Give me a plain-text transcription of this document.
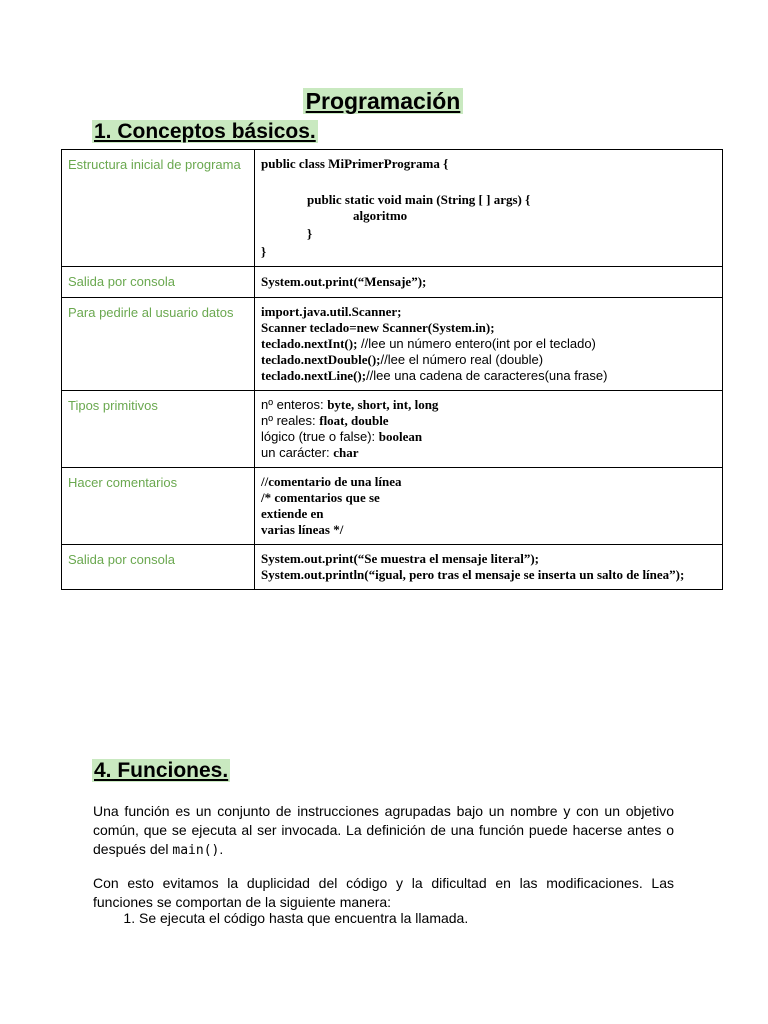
Programación
1. Conceptos básicos.
Estructura inicial de programa	public class MiPrimerPrograma {
public static void main (String [ ] args) {
algoritmo
}
}

Salida por consola	System.out.print(“Mensaje”);

Para pedirle al usuario datos	import.java.util.Scanner;
Scanner teclado=new Scanner(System.in);
teclado.nextInt(); //lee un número entero(int por el teclado)
teclado.nextDouble();//lee el número real (double)
teclado.nextLine();//lee una cadena de caracteres(una frase)

Tipos primitivos	nº enteros: byte, short, int, long
nº reales: float, double
lógico (true o false): boolean
un carácter: char

Hacer comentarios	//comentario de una línea
/* comentarios que se
extiende en
varias líneas */

Salida por consola	System.out.print(“Se muestra el mensaje literal”);
System.out.println(“igual, pero tras el mensaje se inserta un salto de línea”);
4. Funciones.
Una función es un conjunto de instrucciones agrupadas bajo un nombre y con un objetivo común, que se ejecuta al ser invocada. La definición de una función puede hacerse antes o después del main().
Con esto evitamos la duplicidad del código y la dificultad en las modificaciones. Las funciones se comportan de la siguiente manera:
1. Se ejecuta el código hasta que encuentra la llamada.
